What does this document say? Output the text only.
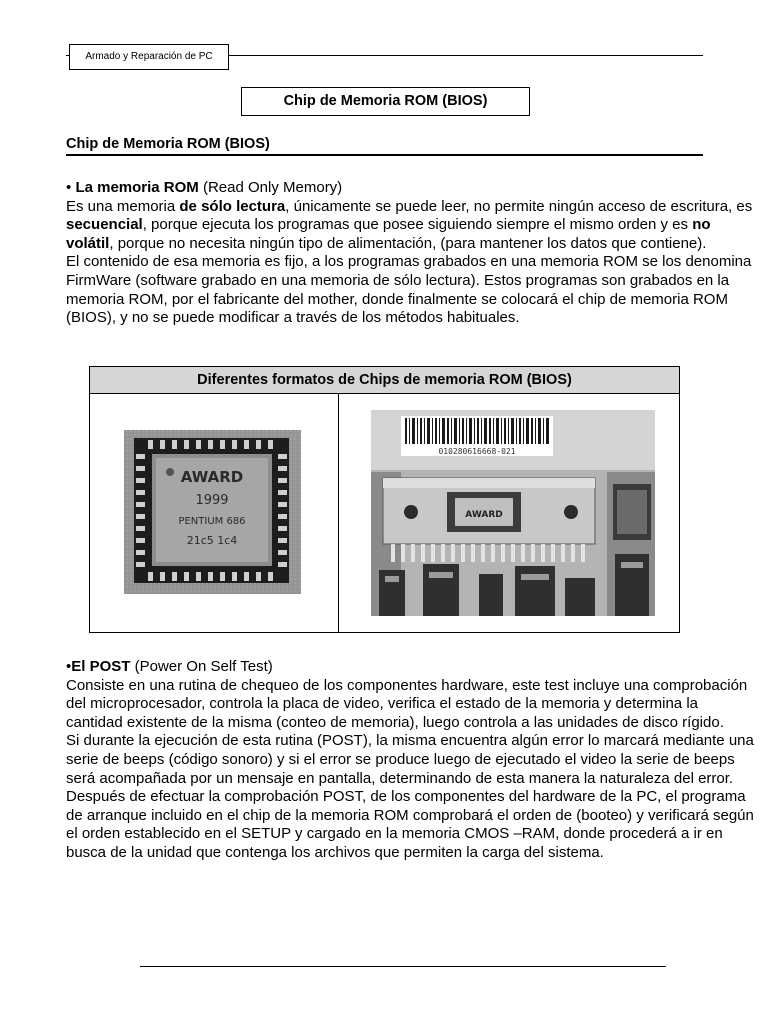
Armado y Reparación de PC
Chip de Memoria ROM (BIOS)
Chip de Memoria ROM (BIOS)
• La memoria ROM (Read Only Memory)
Es una memoria de sólo lectura, únicamente se puede leer, no permite ningún acceso de escritura, es secuencial, porque ejecuta los programas que posee siguiendo siempre el mismo orden y es no volátil, porque no necesita ningún tipo de alimentación, (para mantener los datos que contiene).
El contenido de esa memoria es fijo, a los programas grabados en una memoria ROM se los denomina FirmWare (software grabado en una memoria de sólo lectura). Estos programas son grabados en la memoria ROM, por el fabricante del mother, donde finalmente se colocará el chip de memoria ROM (BIOS), y no se puede modificar a través de los métodos habituales.
Diferentes formatos de Chips de memoria ROM (BIOS)
AWARD
1999
PENTIUM 686
21c5 1c4
010280616668-021
AWARD
•El POST (Power On Self Test)
Consiste en una rutina de chequeo de los componentes hardware, este test incluye una comprobación del microprocesador, controla la placa de video, verifica el estado de la memoria y determina la cantidad existente de la misma (conteo de memoria), luego controla a las unidades de disco rígido.
Si durante la ejecución de esta rutina (POST), la misma encuentra algún error lo marcará mediante una serie de beeps (código sonoro) y si el error se produce luego de ejecutado el video la serie de beeps será acompañada por un mensaje en pantalla, determinando de esta manera la naturaleza del error.
Después de efectuar la comprobación POST, de los componentes del hardware de la PC, el programa de arranque incluido en el chip de la memoria ROM comprobará el orden de (booteo) y verificará según el orden establecido en el SETUP y cargado en la memoria CMOS –RAM, donde procederá a ir en busca de la unidad que contenga los archivos que permiten la carga del sistema.
